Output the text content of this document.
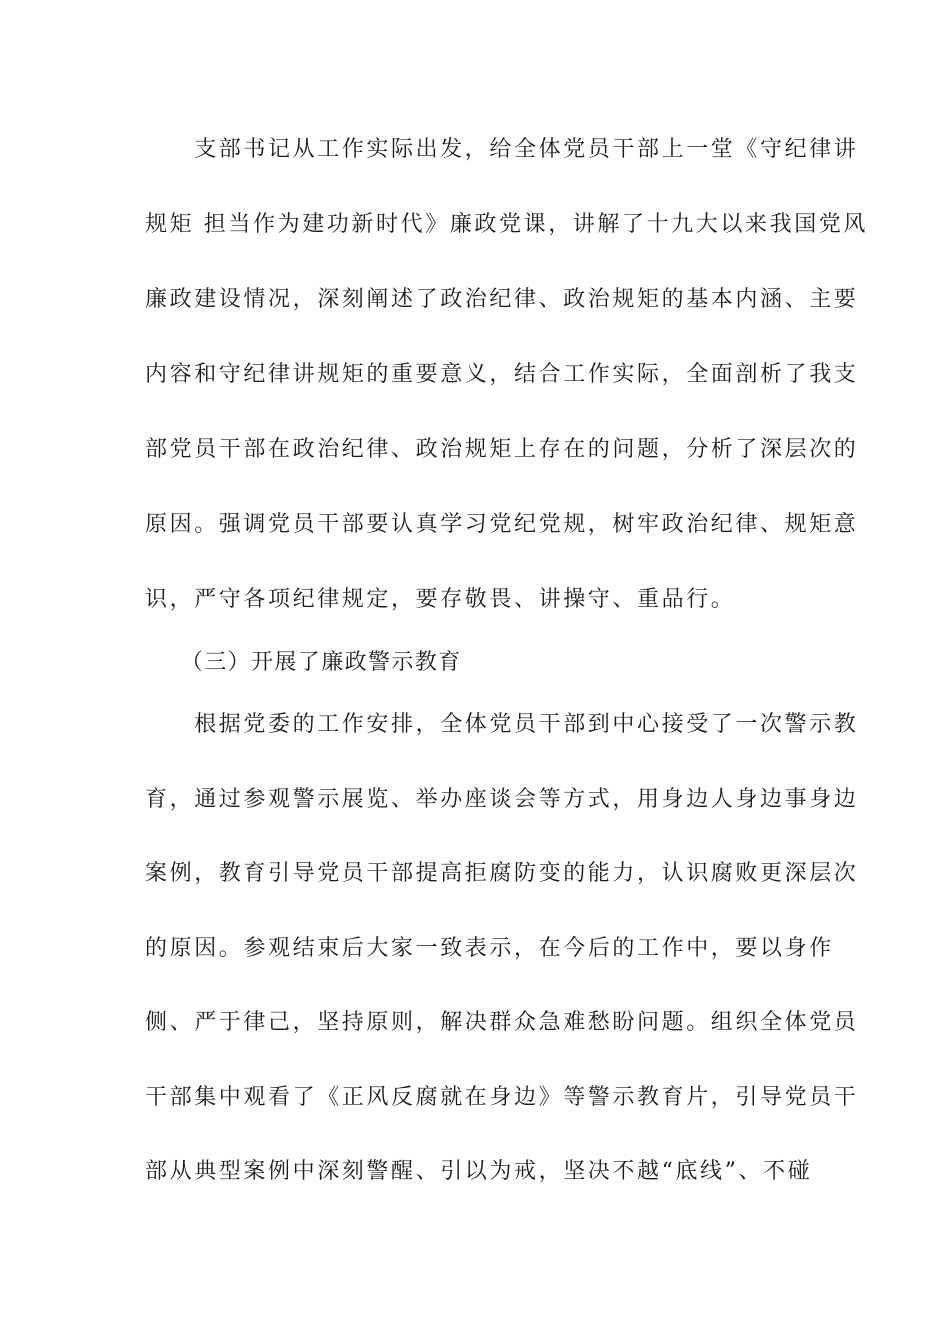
　　支部书记从工作实际出发，给全体党员干部上一堂《守纪律讲
规矩 担当作为建功新时代》廉政党课，讲解了十九大以来我国党风
廉政建设情况，深刻阐述了政治纪律、政治规矩的基本内涵、主要
内容和守纪律讲规矩的重要意义，结合工作实际，全面剖析了我支
部党员干部在政治纪律、政治规矩上存在的问题，分析了深层次的
原因。强调党员干部要认真学习党纪党规，树牢政治纪律、规矩意
识，严守各项纪律规定，要存敬畏、讲操守、重品行。
　　（三）开展了廉政警示教育
　　根据党委的工作安排，全体党员干部到中心接受了一次警示教
育，通过参观警示展览、举办座谈会等方式，用身边人身边事身边
案例，教育引导党员干部提高拒腐防变的能力，认识腐败更深层次
的原因。参观结束后大家一致表示，在今后的工作中，要以身作
侧、严于律己，坚持原则，解决群众急难愁盼问题。组织全体党员
干部集中观看了《正风反腐就在身边》等警示教育片，引导党员干
部从典型案例中深刻警醒、引以为戒，坚决不越“底线”、不碰
